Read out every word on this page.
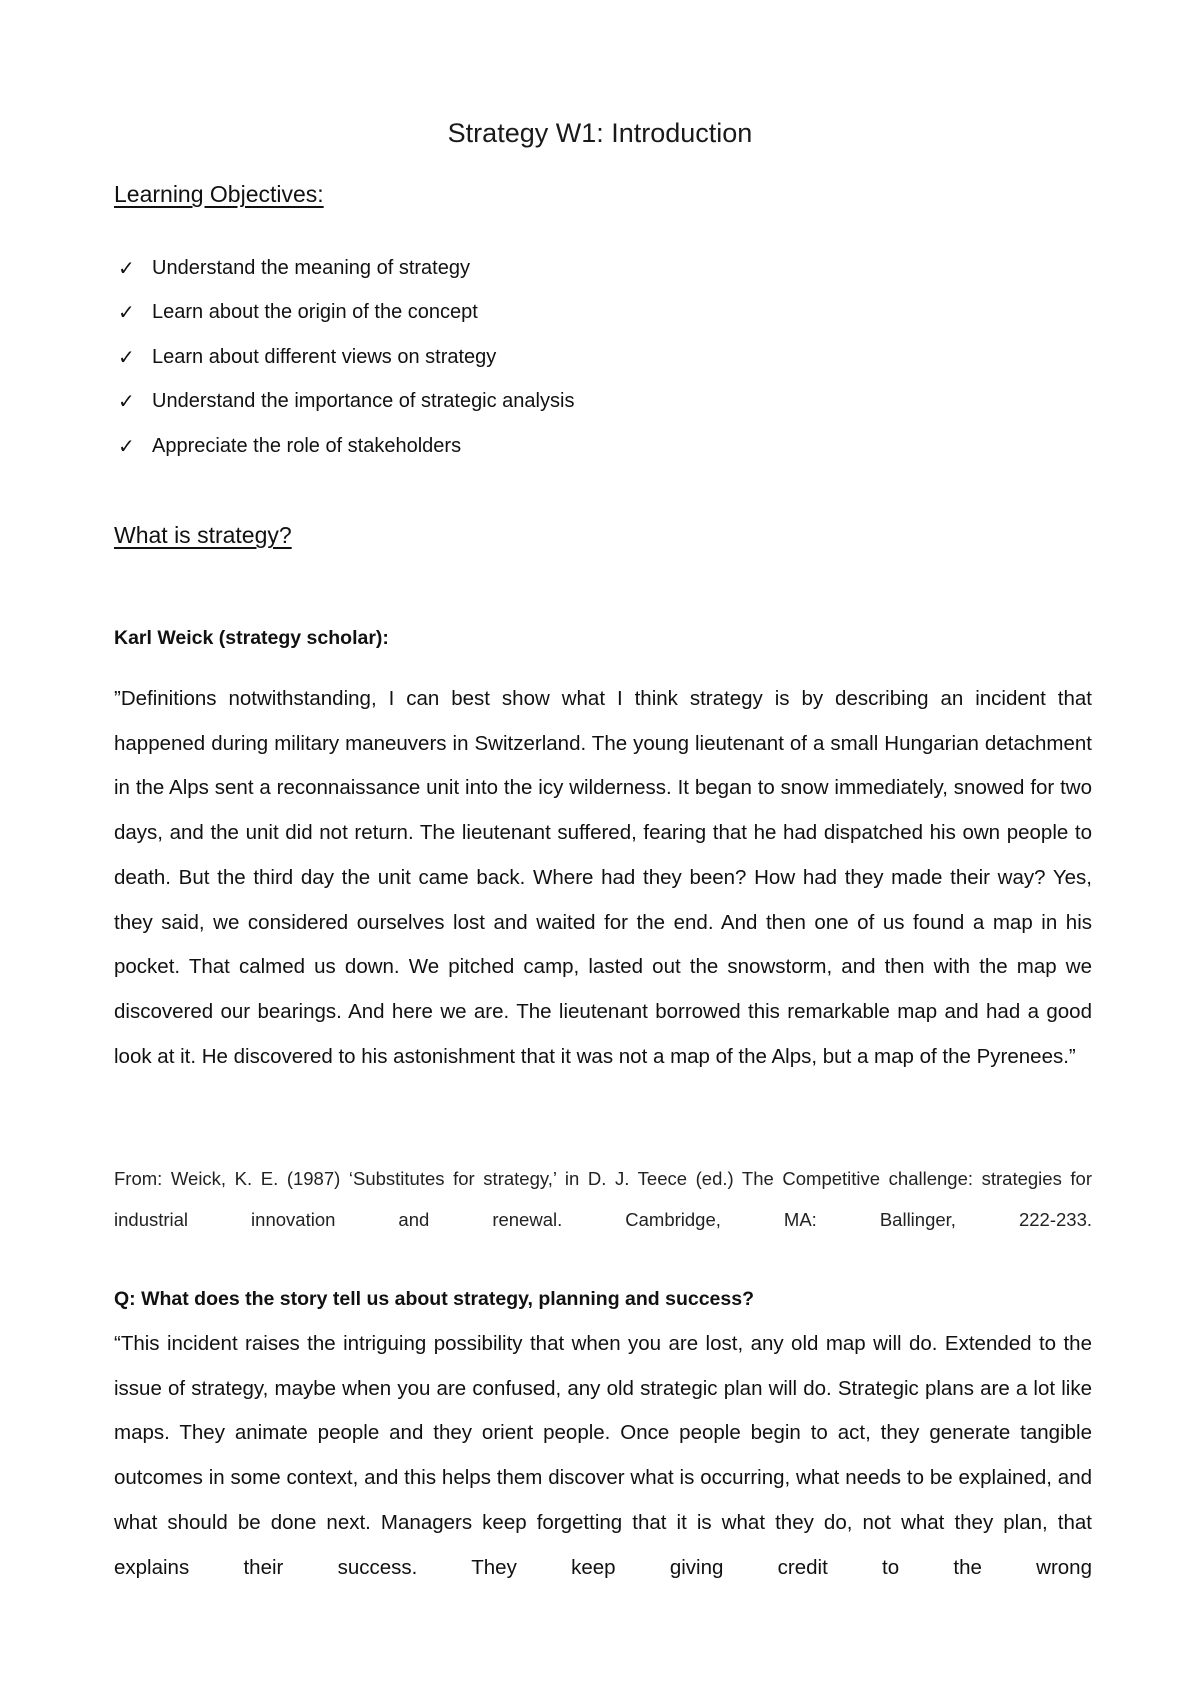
Strategy W1: Introduction
Learning Objectives:
✓ Understand the meaning of strategy
✓ Learn about the origin of the concept
✓ Learn about different views on strategy
✓ Understand the importance of strategic analysis
✓ Appreciate the role of stakeholders
What is strategy?
Karl Weick (strategy scholar):

”Definitions notwithstanding, I can best show what I think strategy is by describing an incident that happened during military maneuvers in Switzerland. The young lieutenant of a small Hungarian detachment in the Alps sent a reconnaissance unit into the icy wilderness. It began to snow immediately, snowed for two days, and the unit did not return. The lieutenant suffered, fearing that he had dispatched his own people to death. But the third day the unit came back. Where had they been? How had they made their way? Yes, they said, we considered ourselves lost and waited for the end. And then one of us found a map in his pocket. That calmed us down. We pitched camp, lasted out the snowstorm, and then with the map we discovered our bearings. And here we are. The lieutenant borrowed this remarkable map and had a good look at it. He discovered to his astonishment that it was not a map of the Alps, but a map of the Pyrenees.”

From: Weick, K. E. (1987) ‘Substitutes for strategy,’ in D. J. Teece (ed.) The Competitive challenge: strategies for industrial innovation and renewal. Cambridge, MA: Ballinger, 222-233.

Q: What does the story tell us about strategy, planning and success?

“This incident raises the intriguing possibility that when you are lost, any old map will do. Extended to the issue of strategy, maybe when you are confused, any old strategic plan will do. Strategic plans are a lot like maps. They animate people and they orient people. Once people begin to act, they generate tangible outcomes in some context, and this helps them discover what is occurring, what needs to be explained, and what should be done next. Managers keep forgetting that it is what they do, not what they plan, that explains their success. They keep giving credit to the wrong
